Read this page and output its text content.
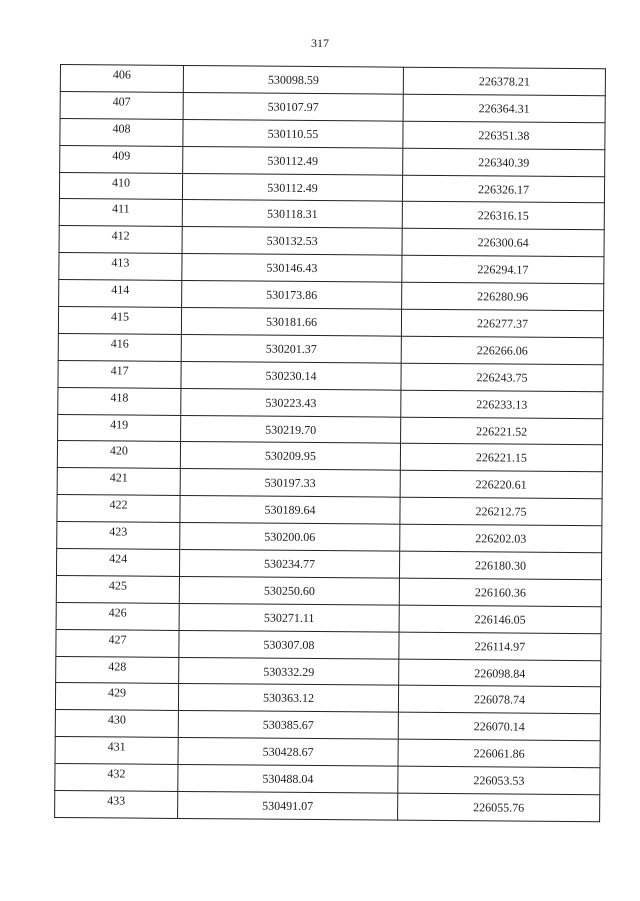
317
406	530098.59	226378.21
407	530107.97	226364.31
408	530110.55	226351.38
409	530112.49	226340.39
410	530112.49	226326.17
411	530118.31	226316.15
412	530132.53	226300.64
413	530146.43	226294.17
414	530173.86	226280.96
415	530181.66	226277.37
416	530201.37	226266.06
417	530230.14	226243.75
418	530223.43	226233.13
419	530219.70	226221.52
420	530209.95	226221.15
421	530197.33	226220.61
422	530189.64	226212.75
423	530200.06	226202.03
424	530234.77	226180.30
425	530250.60	226160.36
426	530271.11	226146.05
427	530307.08	226114.97
428	530332.29	226098.84
429	530363.12	226078.74
430	530385.67	226070.14
431	530428.67	226061.86
432	530488.04	226053.53
433	530491.07	226055.76
